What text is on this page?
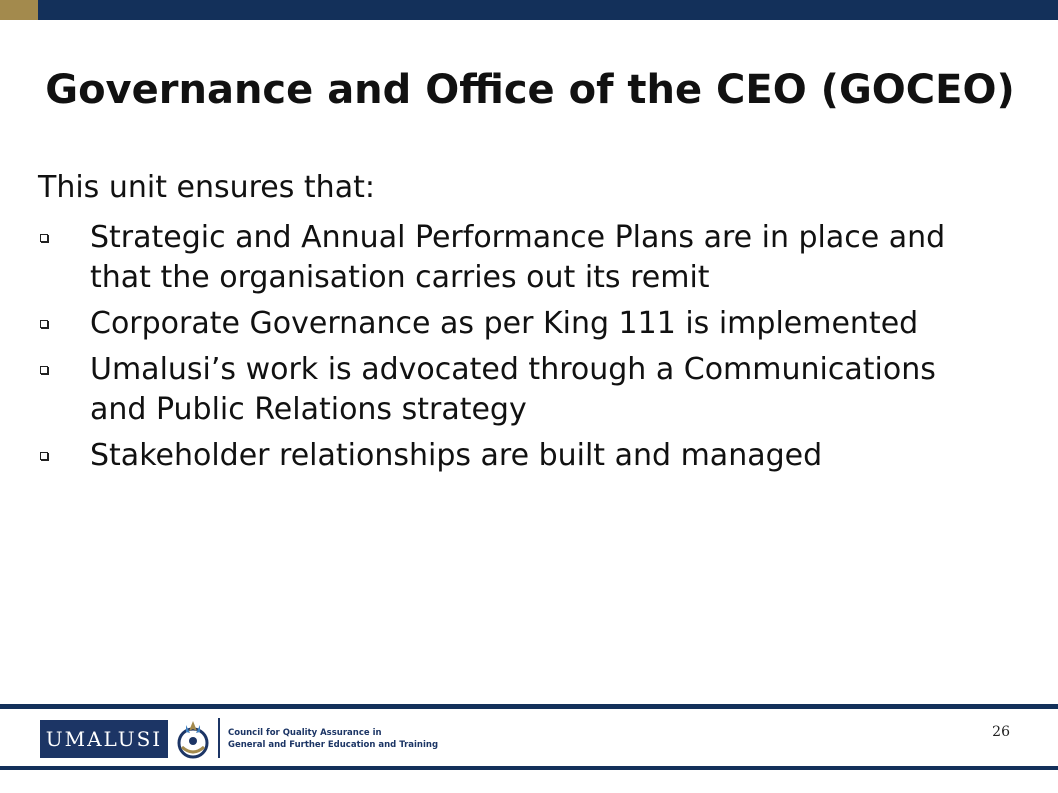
Governance and Office of the CEO (GOCEO)
This unit ensures that:
Strategic and Annual Performance Plans are in place and that the organisation carries out its remit
Corporate Governance as per King 111 is implemented
Umalusi’s work is advocated through a Communications and Public Relations strategy
Stakeholder relationships are built and managed
UMALUSI	Council for Quality Assurance in
General and Further Education and Training
26
